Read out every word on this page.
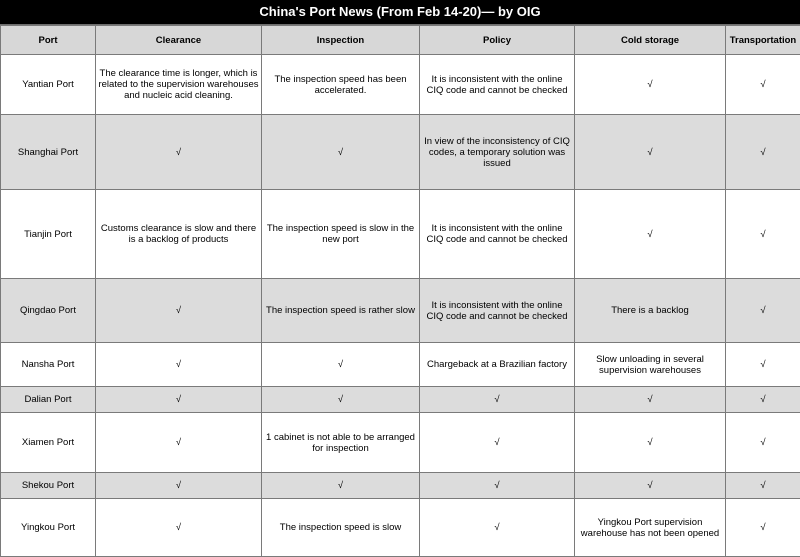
China's Port News (From Feb 14-20)— by OIG
Port	Clearance	Inspection	Policy	Cold storage	Transportation
Yantian Port	The clearance time is longer, which is related to the supervision warehouses and nucleic acid cleaning.	The inspection speed has been accelerated.	It is inconsistent with the online CIQ code and cannot be checked	√	√
Shanghai Port	√	√	In view of the inconsistency of CIQ codes, a temporary solution was issued	√	√
Tianjin Port	Customs clearance is slow and there is a backlog of products	The inspection speed is slow in the new port	It is inconsistent with the online CIQ code and cannot be checked	√	√
Qingdao Port	√	The inspection speed is rather slow	It is inconsistent with the online CIQ code and cannot be checked	There is a backlog	√
Nansha Port	√	√	Chargeback at a Brazilian factory	Slow unloading in several supervision warehouses	√
Dalian Port	√	√	√	√	√
Xiamen Port	√	1 cabinet is not able to be arranged for inspection	√	√	√
Shekou Port	√	√	√	√	√
Yingkou Port	√	The inspection speed is slow	√	Yingkou Port supervision warehouse has not been opened	√
